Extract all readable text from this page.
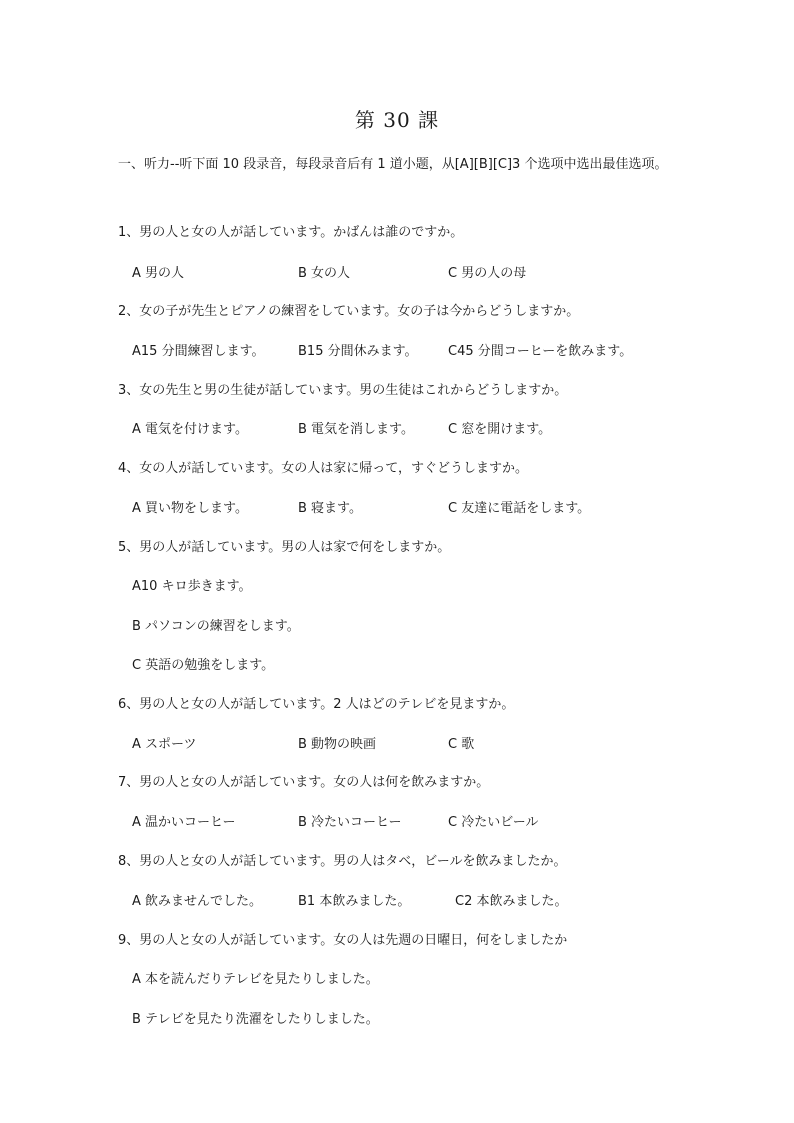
第 30 課
一、听力--听下面 10 段录音，每段录音后有 1 道小题，从[A][B][C]3 个选项中选出最佳选项。
1、男の人と女の人が話しています。かばんは誰のですか。
A 男の人	B 女の人	C 男の人の母
2、女の子が先生とピアノの練習をしています。女の子は今からどうしますか。
A15 分間練習します。	B15 分間休みます。 C45 分間コーヒーを飲みます。
3、女の先生と男の生徒が話しています。男の生徒はこれからどうしますか。
A 電気を付けます。	B 電気を消します。	C 窓を開けます。
4、女の人が話しています。女の人は家に帰って，すぐどうしますか。
A 買い物をします。	B 寝ます。	C 友達に電話をします。
5、男の人が話しています。男の人は家で何をしますか。
A10 キロ歩きます。
B パソコンの練習をします。
C 英語の勉強をします。
6、男の人と女の人が話しています。2 人はどのテレビを見ますか。
A スポーツ	B 動物の映画	C 歌
7、男の人と女の人が話しています。女の人は何を飲みますか。
A 温かいコーヒー	B 冷たいコーヒー	C 冷たいビール
8、男の人と女の人が話しています。男の人はタベ，ビールを飲みましたか。
A 飲みませんでした。	B1 本飲みました。	C2 本飲みました。
9、男の人と女の人が話しています。女の人は先週の日曜日，何をしましたか
A 本を読んだりテレビを見たりしました。
B テレビを見たり洗濯をしたりしました。
